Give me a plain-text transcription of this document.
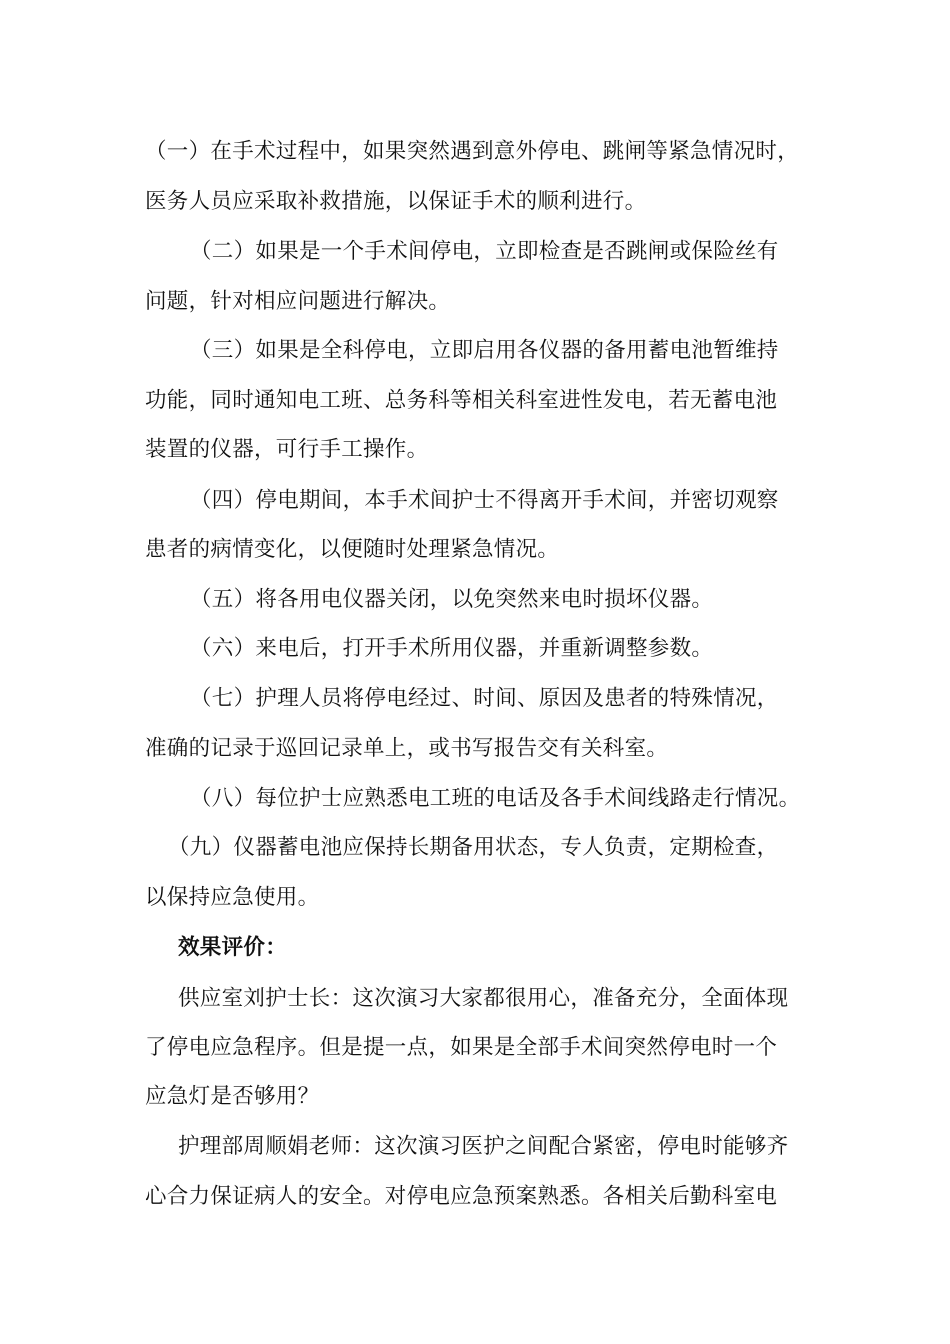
（一）在手术过程中，如果突然遇到意外停电、跳闸等紧急情况时，
医务人员应采取补救措施，以保证手术的顺利进行。
（二）如果是一个手术间停电，立即检查是否跳闸或保险丝有
问题，针对相应问题进行解决。
（三）如果是全科停电，立即启用各仪器的备用蓄电池暂维持
功能，同时通知电工班、总务科等相关科室进性发电，若无蓄电池
装置的仪器，可行手工操作。
（四）停电期间，本手术间护士不得离开手术间，并密切观察
患者的病情变化，以便随时处理紧急情况。
（五）将各用电仪器关闭，以免突然来电时损坏仪器。
（六）来电后，打开手术所用仪器，并重新调整参数。
（七）护理人员将停电经过、时间、原因及患者的特殊情况，
准确的记录于巡回记录单上，或书写报告交有关科室。
（八）每位护士应熟悉电工班的电话及各手术间线路走行情况。
（九）仪器蓄电池应保持长期备用状态，专人负责，定期检查，
以保持应急使用。
效果评价：
供应室刘护士长：这次演习大家都很用心，准备充分，全面体现
了停电应急程序。但是提一点，如果是全部手术间突然停电时一个
应急灯是否够用？
护理部周顺娟老师：这次演习医护之间配合紧密，停电时能够齐
心合力保证病人的安全。对停电应急预案熟悉。各相关后勤科室电
